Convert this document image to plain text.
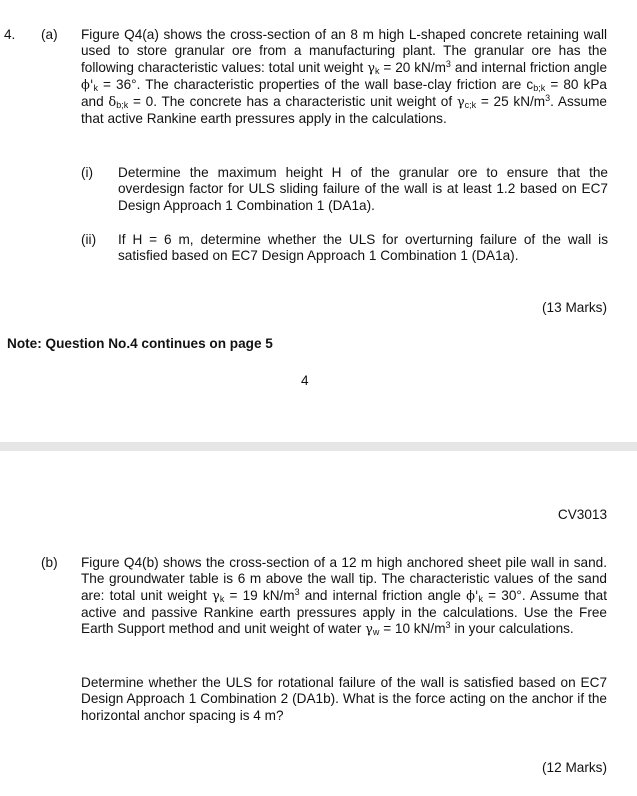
4. (a) Figure Q4(a) shows the cross-section of an 8 m high L-shaped concrete retaining wall used to store granular ore from a manufacturing plant. The granular ore has the following characteristic values: total unit weight $\gamma_k = 20$ $kN/m^3$ and internal friction angle $\phi'_k = 36^\circ$. The characteristic properties of the wall base-clay friction are $c_{b;k} = 80$ kPa and $\delta_{b;k} = 0$. The concrete has a characteristic unit weight of $\gamma_{c;k} = 25$ $kN/m^3$. Assume that active Rankine earth pressures apply in the calculations.
(i) Determine the maximum height H of the granular ore to ensure that the overdesign factor for ULS sliding failure of the wall is at least 1.2 based on EC7 Design Approach 1 Combination 1 (DA1a).
(ii) If H = 6 m, determine whether the ULS for overturning failure of the wall is satisfied based on EC7 Design Approach 1 Combination 1 (DA1a).
(13 Marks)
Note: Question No.4 continues on page 5
4
CV3013
(b) Figure Q4(b) shows the cross-section of a 12 m high anchored sheet pile wall in sand. The groundwater table is 6 m above the wall tip. The characteristic values of the sand are: total unit weight $\gamma_k = 19$ $kN/m^3$ and internal friction angle $\phi'_k = 30^\circ$. Assume that active and passive Rankine earth pressures apply in the calculations. Use the Free Earth Support method and unit weight of water $\gamma_w = 10$ $kN/m^3$ in your calculations.
Determine whether the ULS for rotational failure of the wall is satisfied based on EC7 Design Approach 1 Combination 2 (DA1b). What is the force acting on the anchor if the horizontal anchor spacing is 4 m?
(12 Marks)
